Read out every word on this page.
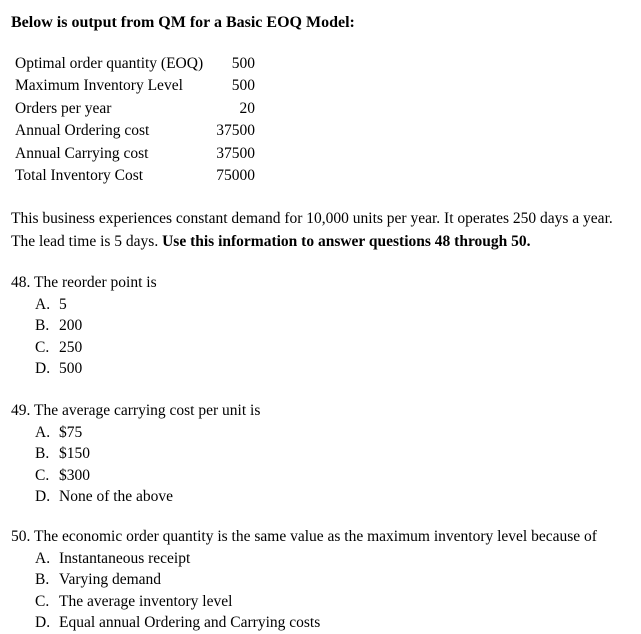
Below is output from QM for a Basic EOQ Model:
Optimal order quantity (EOQ) 500
Maximum Inventory Level	500
Orders per year	20
Annual Ordering cost	37500
Annual Carrying cost	37500
Total Inventory Cost	75000
This business experiences constant demand for 10,000 units per year. It operates 250 days a year.
The lead time is 5 days. Use this information to answer questions 48 through 50.
48. The reorder point is
A. 5
B. 200
C. 250
D. 500
49. The average carrying cost per unit is
A. $75
B. $150
C. $300
D. None of the above
50. The economic order quantity is the same value as the maximum inventory level because of
A. Instantaneous receipt
B. Varying demand
C. The average inventory level
D. Equal annual Ordering and Carrying costs
